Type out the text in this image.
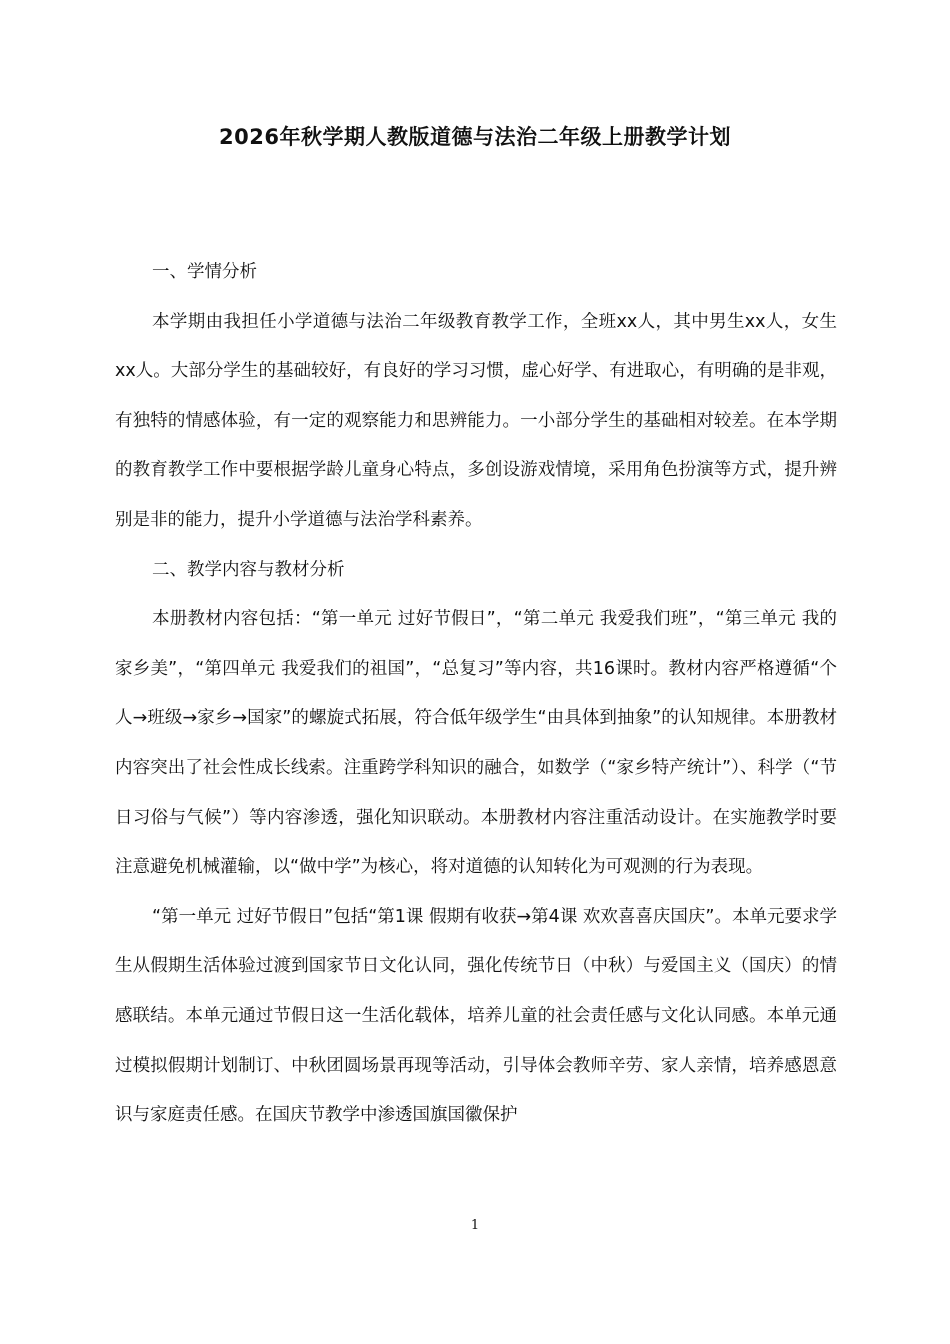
2026年秋学期人教版道德与法治二年级上册教学计划

一、学情分析

本学期由我担任小学道德与法治二年级教育教学工作，全班xx人，其中男生xx人，女生xx人。大部分学生的基础较好，有良好的学习习惯，虚心好学、有进取心，有明确的是非观，有独特的情感体验，有一定的观察能力和思辨能力。一小部分学生的基础相对较差。在本学期的教育教学工作中要根据学龄儿童身心特点，多创设游戏情境，采用角色扮演等方式，提升辨别是非的能力，提升小学道德与法治学科素养。

二、教学内容与教材分析

本册教材内容包括：“第一单元 过好节假日”，“第二单元 我爱我们班”，“第三单元 我的家乡美”，“第四单元 我爱我们的祖国”，“总复习”等内容，共16课时。教材内容严格遵循“个人→班级→家乡→国家”的螺旋式拓展，符合低年级学生“由具体到抽象”的认知规律。本册教材内容突出了社会性成长线索。注重跨学科知识的融合，如数学（“家乡特产统计”）、科学（“节日习俗与气候”）等内容渗透，强化知识联动。本册教材内容注重活动设计。在实施教学时要注意避免机械灌输，以“做中学”为核心，将对道德的认知转化为可观测的行为表现。

“第一单元 过好节假日”包括“第1课 假期有收获→第4课 欢欢喜喜庆国庆”。本单元要求学生从假期生活体验过渡到国家节日文化认同，强化传统节日（中秋）与爱国主义（国庆）的情感联结。本单元通过节假日这一生活化载体，培养儿童的社会责任感与文化认同感。本单元通过模拟假期计划制订、中秋团圆场景再现等活动，引导体会教师辛劳、家人亲情，培养感恩意识与家庭责任感。在国庆节教学中渗透国旗国徽保护

1
